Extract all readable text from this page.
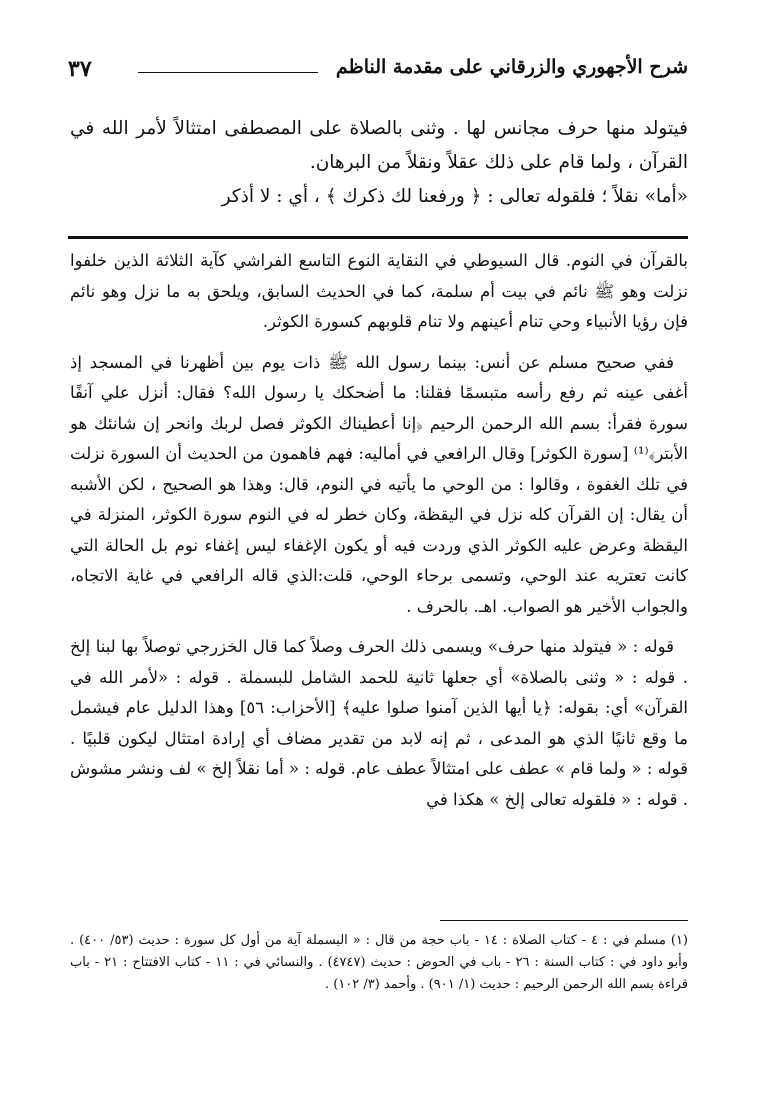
شرح الأجهوري والزرقاني على مقدمة الناظم
٣٧

فيتولد منها حرف مجانس لها . وثنى بالصلاة على المصطفى امتثالاً لأمر الله في القرآن ، ولما قام على ذلك عقلاً ونقلاً من البرهان.

«أما» نقلاً ؛ فلقوله تعالى : ﴿ ورفعنا لك ذكرك ﴾ ، أي : لا أذكر

بالقرآن في النوم. قال السيوطي في النقاية النوع التاسع الفراشي كآية الثلاثة الذين خلفوا نزلت وهو ﷺ نائم في بيت أم سلمة، كما في الحديث السابق، ويلحق به ما نزل وهو نائم فإن رؤيا الأنبياء وحي تنام أعينهم ولا تنام قلوبهم كسورة الكوثر.

ففي صحيح مسلم عن أنس: بينما رسول الله ﷺ ذات يوم بين أظهرنا في المسجد إذ أغفى عينه ثم رفع رأسه متبسمًا فقلنا: ما أضحكك يا رسول الله؟ فقال: أنزل علي آنفًا سورة فقرأ: بسم الله الرحمن الرحيم ﴿إنا أعطيناك الكوثر فصل لربك وانحر إن شانئك هو الأبتر﴾⁽¹⁾ [سورة الكوثر] وقال الرافعي في أماليه: فهم فاهمون من الحديث أن السورة نزلت في تلك الغفوة ، وقالوا : من الوحي ما يأتيه في النوم، قال: وهذا هو الصحيح ، لكن الأشبه أن يقال: إن القرآن كله نزل في اليقظة، وكان خطر له في النوم سورة الكوثر، المنزلة في اليقظة وعرض عليه الكوثر الذي وردت فيه أو يكون الإغفاء ليس إغفاء نوم بل الحالة التي كانت تعتريه عند الوحي، وتسمى برحاء الوحي، قلت:الذي قاله الرافعي في غاية الاتجاه، والجواب الأخير هو الصواب. اهـ. بالحرف .

قوله : « فيتولد منها حرف» ويسمى ذلك الحرف وصلاً كما قال الخزرجي توصلاً بها لبنا إلخ . قوله : « وثنى بالصلاة» أي جعلها ثانية للحمد الشامل للبسملة . قوله : «لأمر الله في القرآن» أي: بقوله: ﴿يا أيها الذين آمنوا صلوا عليه﴾ [الأحزاب: ٥٦] وهذا الدليل عام فيشمل ما وقع ثانيًا الذي هو المدعى ، ثم إنه لابد من تقدير مضاف أي إرادة امتثال ليكون قلبيًا . قوله : « ولما قام » عطف على امتثالاً عطف عام. قوله : « أما نقلاً إلخ » لف ونشر مشوش . قوله : « فلقوله تعالى إلخ » هكذا في

(١) مسلم في : ٤ - كتاب الصلاة : ١٤ - باب حجة من قال : « البسملة آية من أول كل سورة : حديث (٥٣/ ٤٠٠) . وأبو داود في : كتاب السنة : ٢٦ - باب في الحوض : حديث (٤٧٤٧) . والنسائي في : ١١ - كتاب الافتتاح : ٢١ - باب قراءة بسم الله الرحمن الرحيم : حديث (١/ ٩٠١) . وأحمد (٣/ ١٠٢) .
